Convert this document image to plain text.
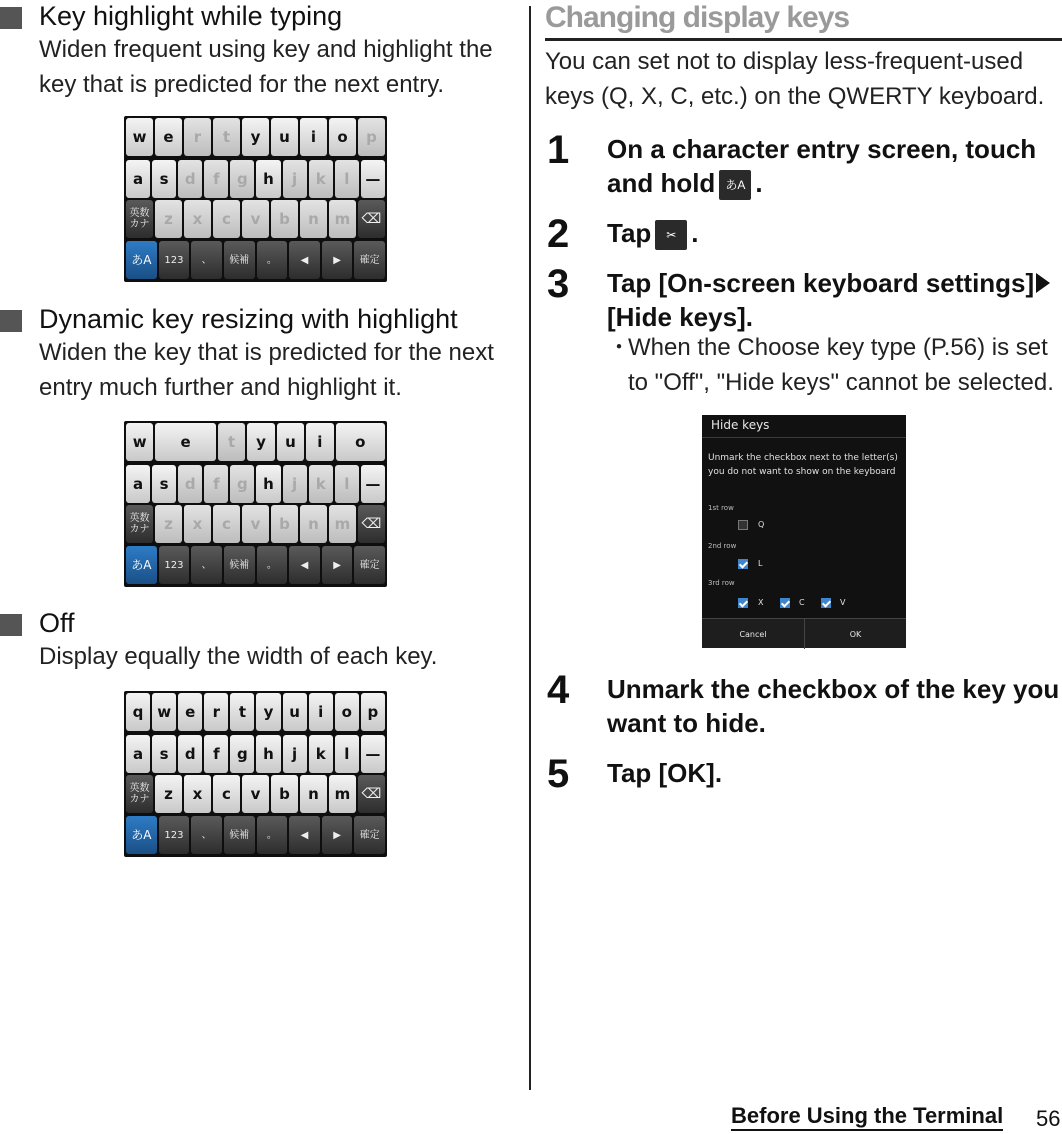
Key highlight while typing
Widen frequent using key and highlight the key that is predicted for the next entry.
w	e	r	t	y	u	i	o	p
a	s	d	f	g	h	j	k	l	—
英数
カナ z	x	c	v	b	n	m ⌫
あA	123	、	候補	。	◀	▶	確定
Dynamic key resizing with highlight
Widen the key that is predicted for the next entry much further and highlight it.
w	e	t	y	u	i	o
a	s	d	f	g	h	j	k	l	—
英数
カナ z	x	c	v	b	n	m ⌫
あA	123	、	候補	。	◀	▶	確定
Off
Display equally the width of each key.
q w e	r	t	y	u	i	o	p
a	s	d	f	g	h	j	k	l	—
英数
カナ z	x	c	v	b	n	m ⌫
あA	123	、	候補	。	◀	▶	確定
Changing display keys
You can set not to display less-frequent-used keys (Q, X, C, etc.) on the QWERTY keyboard.
1 On a character entry screen, touch and hold あA .
2 Tap ✂ .
3 Tap [On-screen keyboard settings][Hide keys].
・
When the Choose key type (P.56) is set to "Off", "Hide keys" cannot be selected.
4 Unmark the checkbox of the key you want to hide.
5 Tap [OK].
Hide keys
Unmark the checkbox next to the letter(s) you do not want to show on the keyboard
1st row
Q
2nd row
L
3rd row
X	C	V
Cancel	OK
Before Using the Terminal 56
